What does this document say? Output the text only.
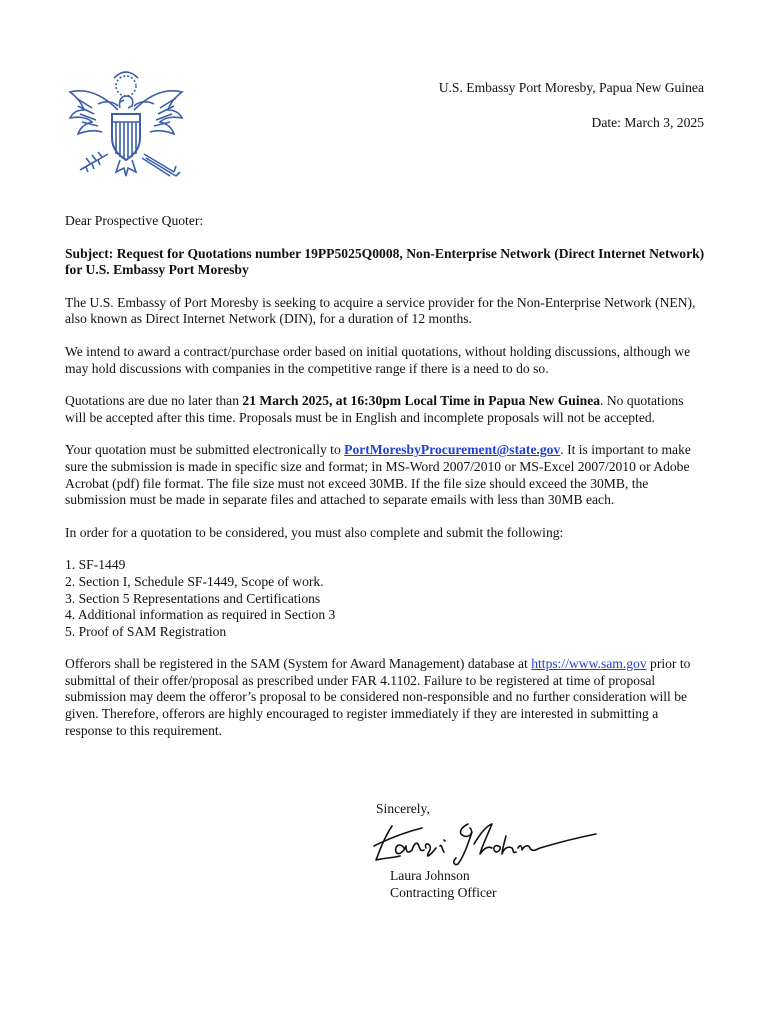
U.S. Embassy Port Moresby, Papua New Guinea
Date: March 3, 2025

Dear Prospective Quoter:

Subject: Request for Quotations number 19PP5025Q0008, Non-Enterprise Network (Direct Internet Network) for U.S. Embassy Port Moresby

The U.S. Embassy of Port Moresby is seeking to acquire a service provider for the Non-Enterprise Network (NEN), also known as Direct Internet Network (DIN), for a duration of 12 months.

We intend to award a contract/purchase order based on initial quotations, without holding discussions, although we may hold discussions with companies in the competitive range if there is a need to do so.

Quotations are due no later than 21 March 2025, at 16:30pm Local Time in Papua New Guinea. No quotations will be accepted after this time. Proposals must be in English and incomplete proposals will not be accepted.

Your quotation must be submitted electronically to PortMoresbyProcurement@state.gov. It is important to make sure the submission is made in specific size and format; in MS-Word 2007/2010 or MS-Excel 2007/2010 or Adobe Acrobat (pdf) file format. The file size must not exceed 30MB. If the file size should exceed the 30MB, the submission must be made in separate files and attached to separate emails with less than 30MB each.

In order for a quotation to be considered, you must also complete and submit the following:

1. SF-1449
2. Section I, Schedule SF-1449, Scope of work.
3. Section 5 Representations and Certifications
4. Additional information as required in Section 3
5. Proof of SAM Registration

Offerors shall be registered in the SAM (System for Award Management) database at https://www.sam.gov prior to submittal of their offer/proposal as prescribed under FAR 4.1102. Failure to be registered at time of proposal submission may deem the offeror’s proposal to be considered non-responsible and no further consideration will be given. Therefore, offerors are highly encouraged to register immediately if they are interested in submitting a response to this requirement.

Sincerely,
Laura Johnson
Contracting Officer
